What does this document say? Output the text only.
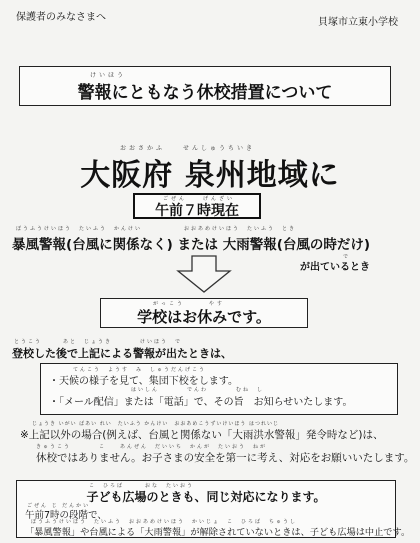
保護者のみなさまへ	貝塚市立東小学校
けいほう
警報にともなう休校措置について
おおさかふ　　せんしゅうちいき
大阪府 泉州地域に
ごぜん　　げんざい
午前７時現在
ぼうふうけいほう　たいふう　かんけい　　　　　　おおあめけいほう　たいふう　とき
暴風警報(台風に関係なく) または 大雨警報(台風の時だけ)
で
が出ているとき
がっこう　　　やす
学校はお休みです。
とうこう　　　あと　じょうき　　　　けいほう　で
登校した後で上記による警報が出たときは、
てんこう　ようす　み　しゅうだんげこう
・天候の様子を見て、集団下校をします。
はいしん　　　　でんわ　　　　むね　し
・「メール配信」または「電話」で、その旨　お知らせいたします。
じょうき いがい ばあい れい　たいふう かんけい　おおあめこうずいけいほう はつれいじ
※上記以外の場合(例えば、台風と関係ない「大雨洪水警報」発令時など)は、
きゅうこう　　　　こ　　あんぜん　だいいち　かんが　たいおう　ねが
休校ではありません。お子さまの安全を第一に考え、対応をお願いいたします。
こ　ひろば　　　おな　たいおう
子ども広場のときも、同じ対応になります。
ごぜん じ だんかい
午前7時の段階で、
ぼうふうけいほう　たいふう　おおあめけいほう　かいじょ　こ　ひろば　ちゅうし
「暴風警報」や台風による「大雨警報」が解除されていないときは、子ども広場は中止です。
